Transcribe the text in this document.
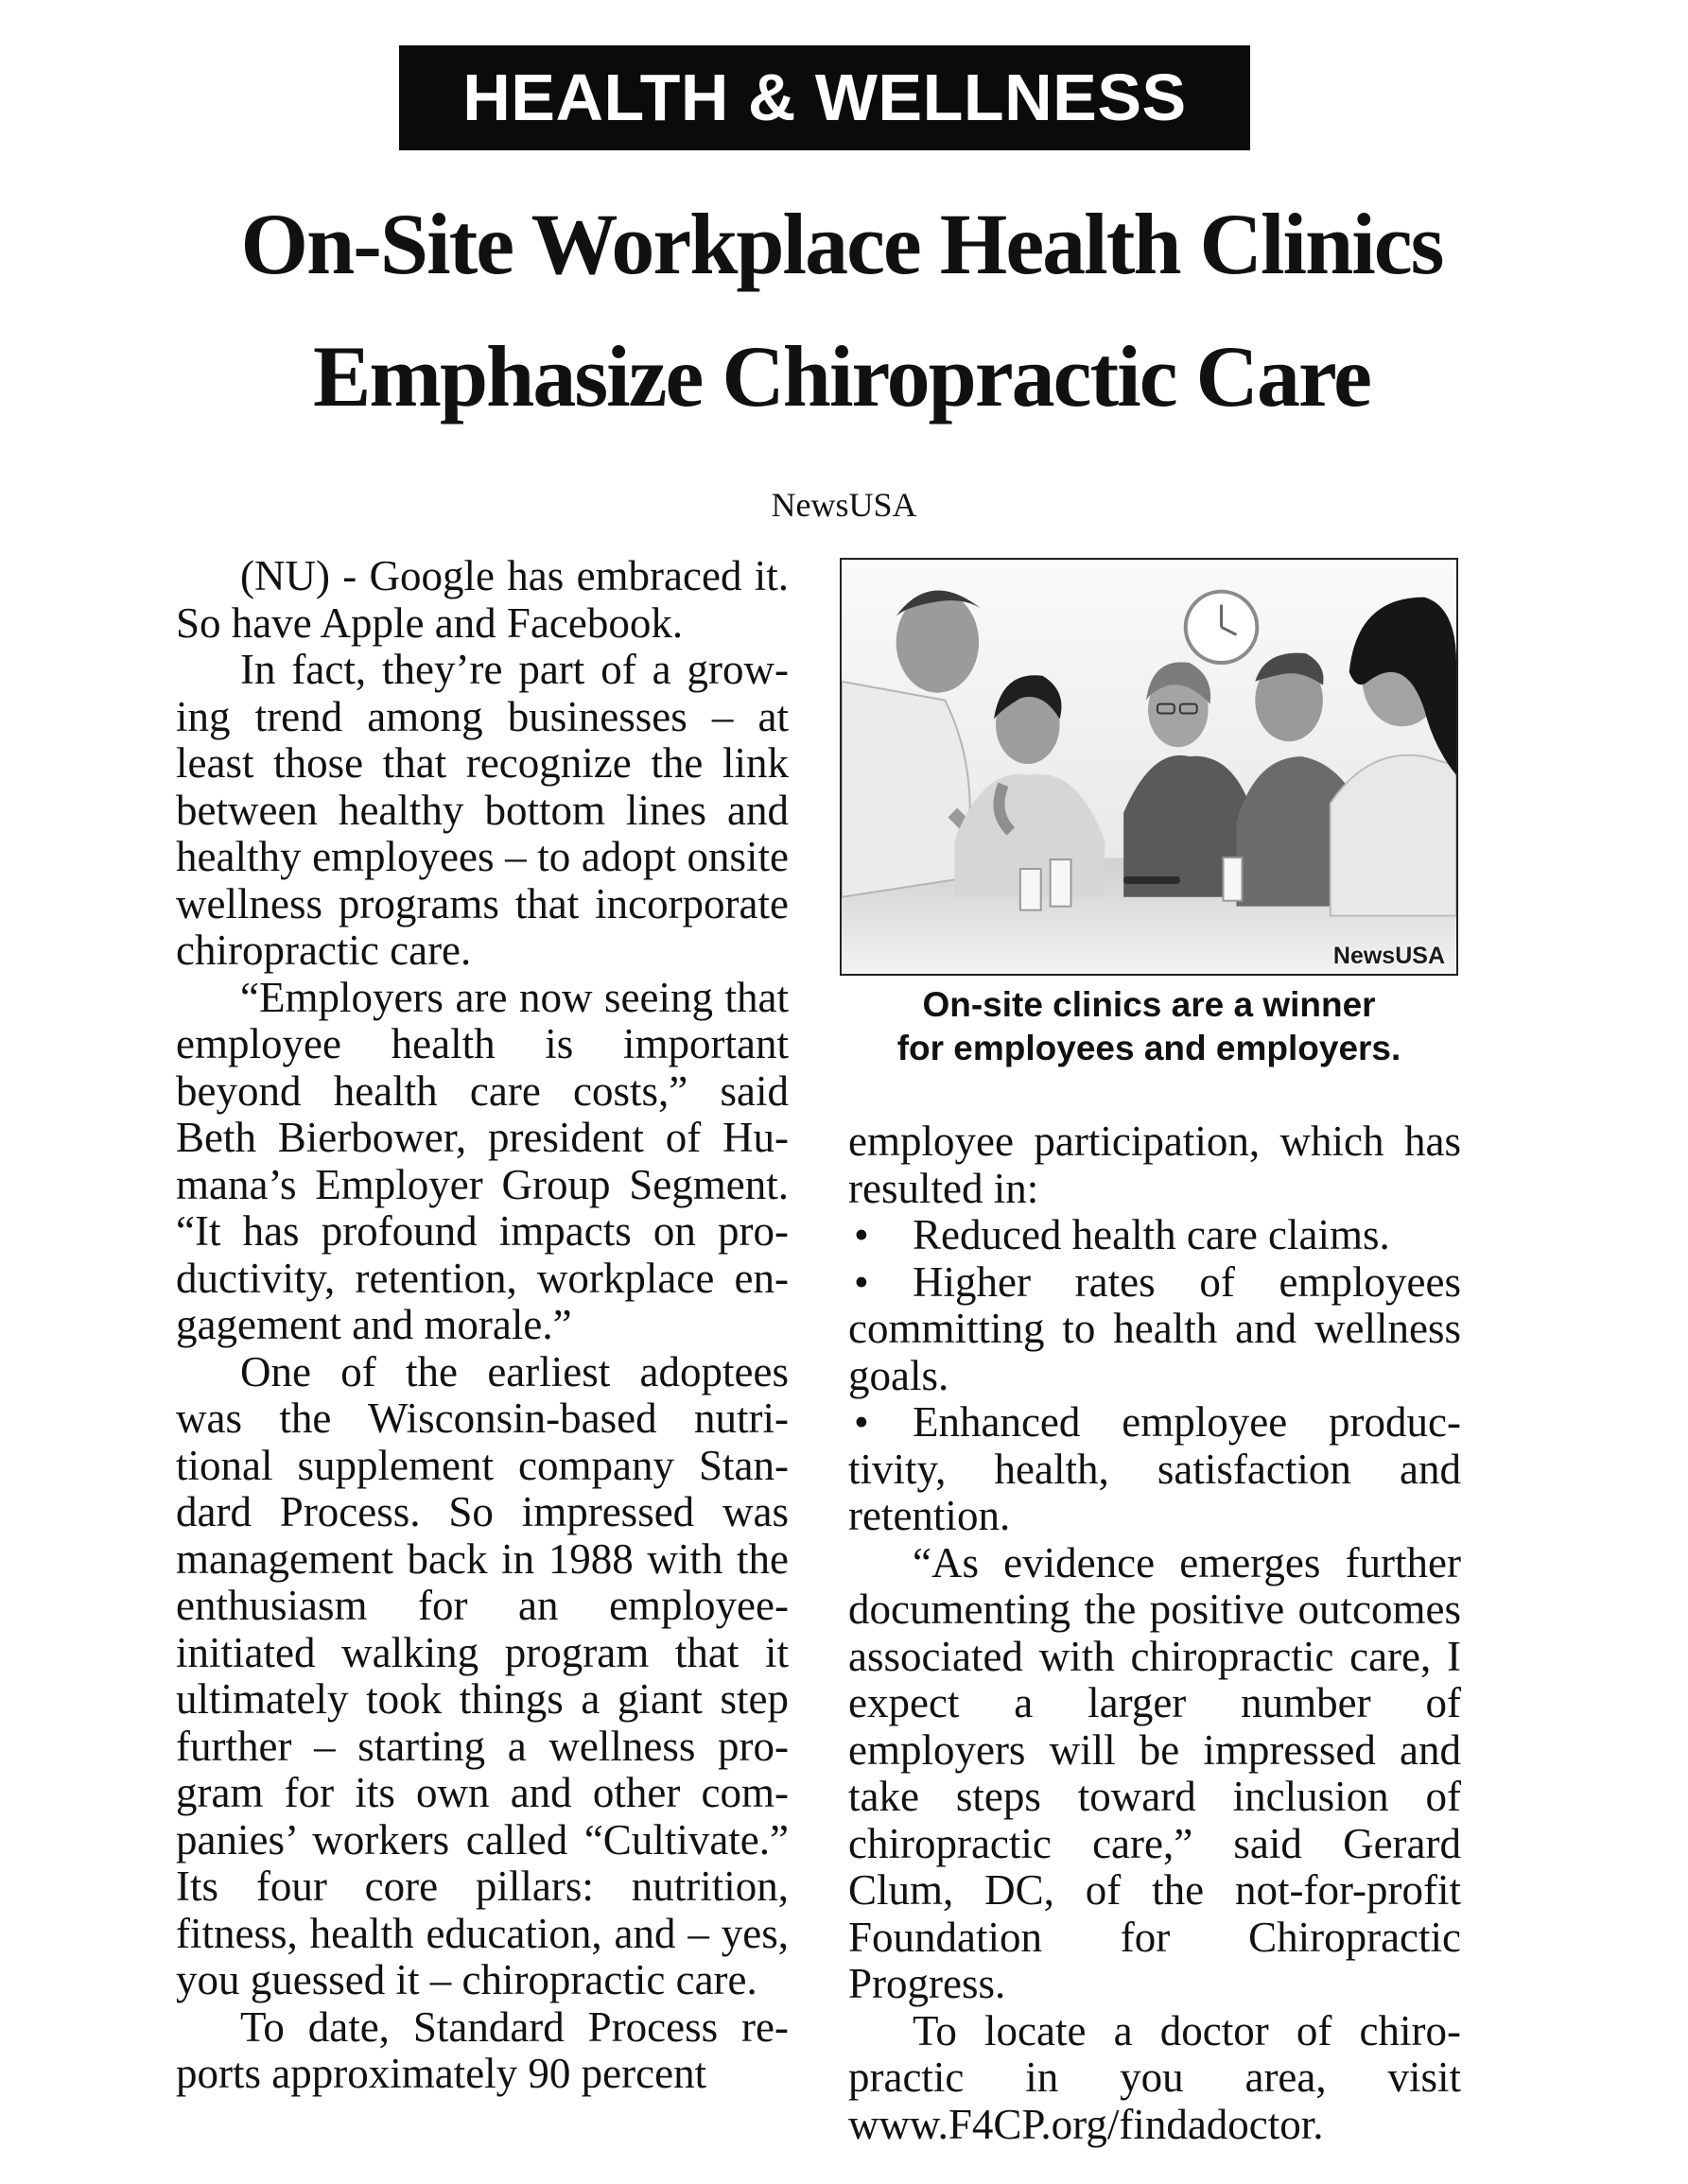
HEALTH & WELLNESS
On-Site Workplace Health Clinics
Emphasize Chiropractic Care
NewsUSA

(NU) - Google has embraced it. So have Apple and Facebook.

In fact, they’re part of a growing trend among businesses – at least those that recognize the link between healthy bottom lines and healthy employees – to adopt onsite wellness programs that incorporate chiropractic care.

“Employers are now seeing that employee health is important beyond health care costs,” said Beth Bierbower, president of Humana’s Employer Group Segment. “It has profound impacts on productivity, retention, workplace engagement and morale.”

One of the earliest adoptees was the Wisconsin-based nutritional supplement company Standard Process. So impressed was management back in 1988 with the enthusiasm for an employee-initiated walking program that it ultimately took things a giant step further – starting a wellness program for its own and other companies’ workers called “Cultivate.” Its four core pillars: nutrition, fitness, health education, and – yes, you guessed it – chiropractic care.

To date, Standard Process reports approximately 90 percent

NewsUSA
On-site clinics are a winner
for employees and employers.

employee participation, which has resulted in:

• Reduced health care claims.
• Higher rates of employees committing to health and wellness goals.
• Enhanced employee productivity, health, satisfaction and retention.

“As evidence emerges further documenting the positive outcomes associated with chiropractic care, I expect a larger number of employers will be impressed and take steps toward inclusion of chiropractic care,” said Gerard Clum, DC, of the not-for-profit Foundation for Chiropractic Progress.

To locate a doctor of chiropractic in you area, visit www.F4CP.org/findadoctor.
